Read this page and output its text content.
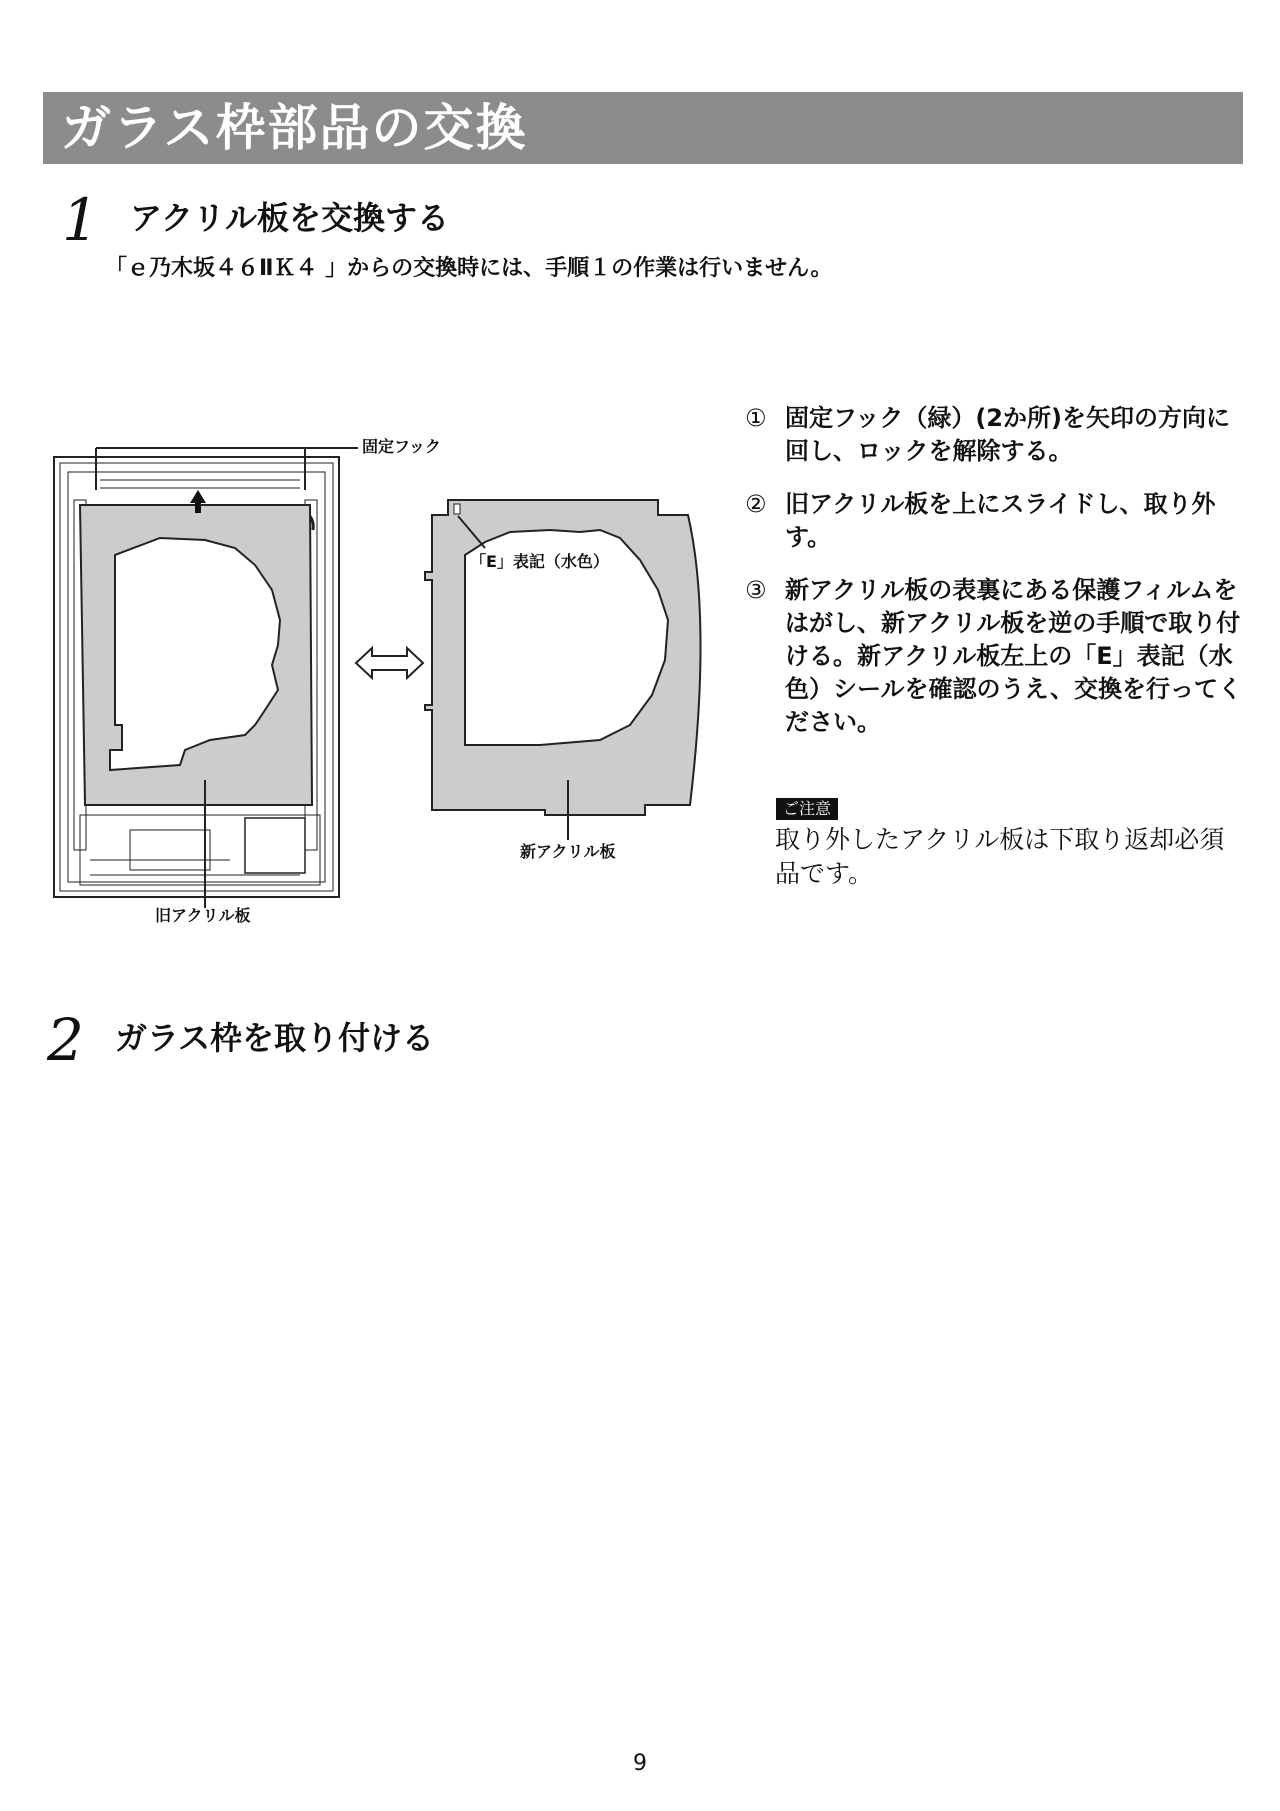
ガラス枠部品の交換
1 アクリル板を交換する
「ｅ乃木坂４６ⅡＫ４ 」からの交換時には、手順１の作業は行いません。
固定フック
「E」表記（水色）
新アクリル板
旧アクリル板
① 固定フック（緑）(2か所)を矢印の方向に回し、ロックを解除する。
② 旧アクリル板を上にスライドし、取り外す。
③ 新アクリル板の表裏にある保護フィルムをはがし、新アクリル板を逆の手順で取り付ける。新アクリル板左上の「E」表記（水色）シールを確認のうえ、交換を行ってください。
ご注意
取り外したアクリル板は下取り返却必須品です。
2 ガラス枠を取り付ける
9
